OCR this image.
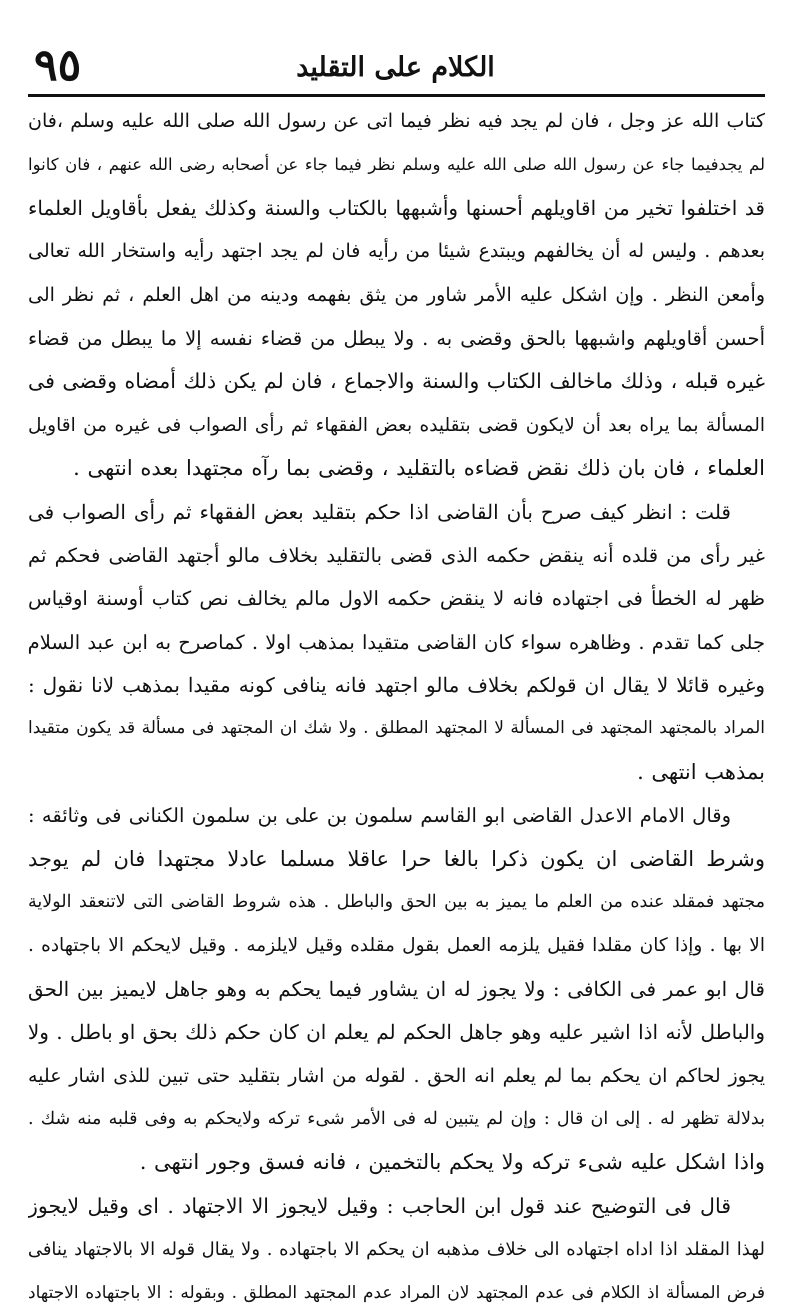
٩٥	الكلام على التقليد
كتاب الله عز وجل ، فان لم يجد فيه نظر فيما اتى عن رسول الله صلى الله عليه وسلم ،فان
لم يجدفيما جاء عن رسول الله صلى الله عليه وسلم نظر فيما جاء عن أصحابه رضى الله عنهم ، فان كانوا
قد اختلفوا تخير من اقاويلهم أحسنها وأشبهها بالكتاب والسنة وكذلك يفعل بأقاويل العلماء
بعدهم . وليس له أن يخالفهم ويبتدع شيئا من رأيه فان لم يجد اجتهد رأيه واستخار الله تعالى
وأمعن النظر . وإن اشكل عليه الأمر شاور من يثق بفهمه ودينه من اهل العلم ، ثم نظر الى
أحسن أقاويلهم واشبهها بالحق وقضى به . ولا يبطل من قضاء نفسه إلا ما يبطل من قضاء
غيره قبله ، وذلك ماخالف الكتاب والسنة والاجماع ، فان لم يكن ذلك أمضاه وقضى فى
المسألة بما يراه بعد أن لايكون قضى بتقليده بعض الفقهاء ثم رأى الصواب فى غيره من اقاويل
العلماء ، فان بان ذلك نقض قضاءه بالتقليد ، وقضى بما رآه مجتهدا بعده انتهى .
قلت : انظر كيف صرح بأن القاضى اذا حكم بتقليد بعض الفقهاء ثم رأى الصواب فى
غير رأى من قلده أنه ينقض حكمه الذى قضى بالتقليد بخلاف مالو أجتهد القاضى فحكم ثم
ظهر له الخطأ فى اجتهاده فانه لا ينقض حكمه الاول مالم يخالف نص كتاب أوسنة اوقياس
جلى كما تقدم . وظاهره سواء كان القاضى متقيدا بمذهب اولا . كماصرح به ابن عبد السلام
وغيره قائلا لا يقال ان قولكم بخلاف مالو اجتهد فانه ينافى كونه مقيدا بمذهب لانا نقول :
المراد بالمجتهد المجتهد فى المسألة لا المجتهد المطلق . ولا شك ان المجتهد فى مسألة قد يكون متقيدا
بمذهب انتهى .
وقال الامام الاعدل القاضى ابو القاسم سلمون بن على بن سلمون الكنانى فى وثائقه :
وشرط القاضى ان يكون ذكرا بالغا حرا عاقلا مسلما عادلا مجتهدا فان لم يوجد
مجتهد فمقلد عنده من العلم ما يميز به بين الحق والباطل . هذه شروط القاضى التى لاتنعقد الولاية
الا بها . وإذا كان مقلدا فقيل يلزمه العمل بقول مقلده وقيل لايلزمه . وقيل لايحكم الا باجتهاده .
قال ابو عمر فى الكافى : ولا يجوز له ان يشاور فيما يحكم به وهو جاهل لايميز بين الحق
والباطل لأنه اذا اشير عليه وهو جاهل الحكم لم يعلم ان كان حكم ذلك بحق او باطل . ولا
يجوز لحاكم ان يحكم بما لم يعلم انه الحق . لقوله من اشار بتقليد حتى تبين للذى اشار عليه
بدلالة تظهر له . إلى ان قال : وإن لم يتبين له فى الأمر شىء تركه ولايحكم به وفى قلبه منه شك .
واذا اشكل عليه شىء تركه ولا يحكم بالتخمين ، فانه فسق وجور انتهى .
قال فى التوضيح عند قول ابن الحاجب : وقيل لايجوز الا الاجتهاد . اى وقيل لايجوز
لهذا المقلد اذا اداه اجتهاده الى خلاف مذهبه ان يحكم الا باجتهاده . ولا يقال قوله الا بالاجتهاد ينافى
فرض المسألة اذ الكلام فى عدم المجتهد لان المراد عدم المجتهد المطلق . وبقوله : الا باجتهاده الاجتهاد
